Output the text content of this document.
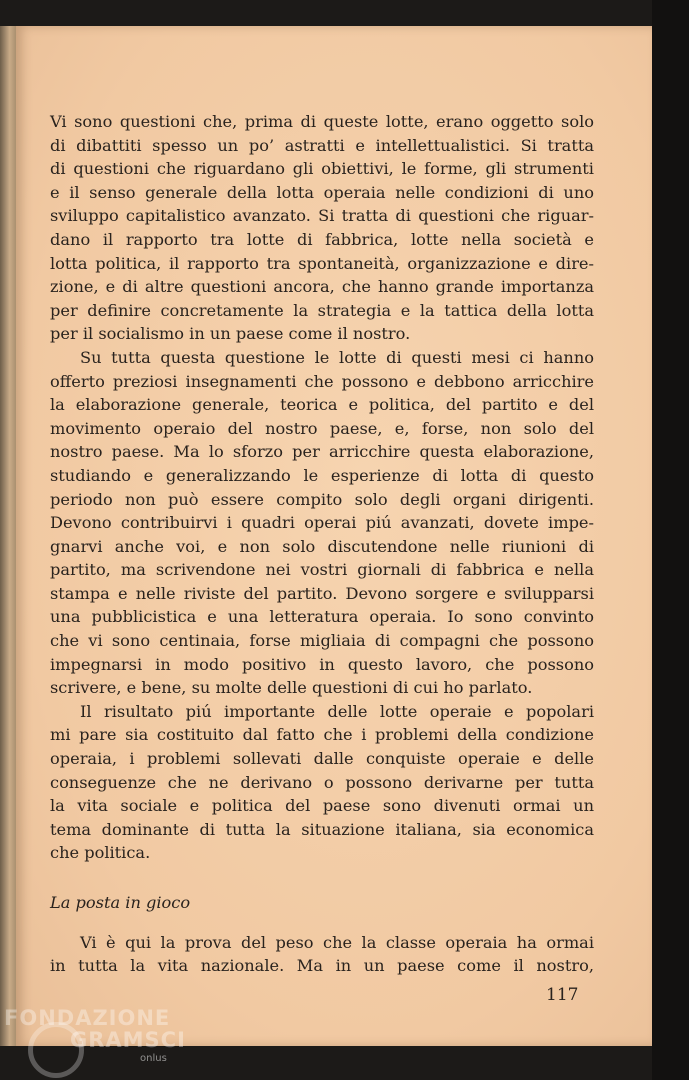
Vi sono questioni che, prima di queste lotte, erano oggetto solo
di dibattiti spesso un po’ astratti e intellettualistici. Si tratta
di questioni che riguardano gli obiettivi, le forme, gli strumenti
e il senso generale della lotta operaia nelle condizioni di uno
sviluppo capitalistico avanzato. Si tratta di questioni che riguar-
dano il rapporto tra lotte di fabbrica, lotte nella società e
lotta politica, il rapporto tra spontaneità, organizzazione e dire-
zione, e di altre questioni ancora, che hanno grande importanza
per definire concretamente la strategia e la tattica della lotta
per il socialismo in un paese come il nostro.

Su tutta questa questione le lotte di questi mesi ci hanno
offerto preziosi insegnamenti che possono e debbono arricchire
la elaborazione generale, teorica e politica, del partito e del
movimento operaio del nostro paese, e, forse, non solo del
nostro paese. Ma lo sforzo per arricchire questa elaborazione,
studiando e generalizzando le esperienze di lotta di questo
periodo non può essere compito solo degli organi dirigenti.
Devono contribuirvi i quadri operai piú avanzati, dovete impe-
gnarvi anche voi, e non solo discutendone nelle riunioni di
partito, ma scrivendone nei vostri giornali di fabbrica e nella
stampa e nelle riviste del partito. Devono sorgere e svilupparsi
una pubblicistica e una letteratura operaia. Io sono convinto
che vi sono centinaia, forse migliaia di compagni che possono
impegnarsi in modo positivo in questo lavoro, che possono
scrivere, e bene, su molte delle questioni di cui ho parlato.

Il risultato piú importante delle lotte operaie e popolari
mi pare sia costituito dal fatto che i problemi della condizione
operaia, i problemi sollevati dalle conquiste operaie e delle
conseguenze che ne derivano o possono derivarne per tutta
la vita sociale e politica del paese sono divenuti ormai un
tema dominante di tutta la situazione italiana, sia economica
che politica.

La posta in gioco

Vi è qui la prova del peso che la classe operaia ha ormai
in tutta la vita nazionale. Ma in un paese come il nostro,

117
FONDAZIONE
GRAMSCI
onlus
